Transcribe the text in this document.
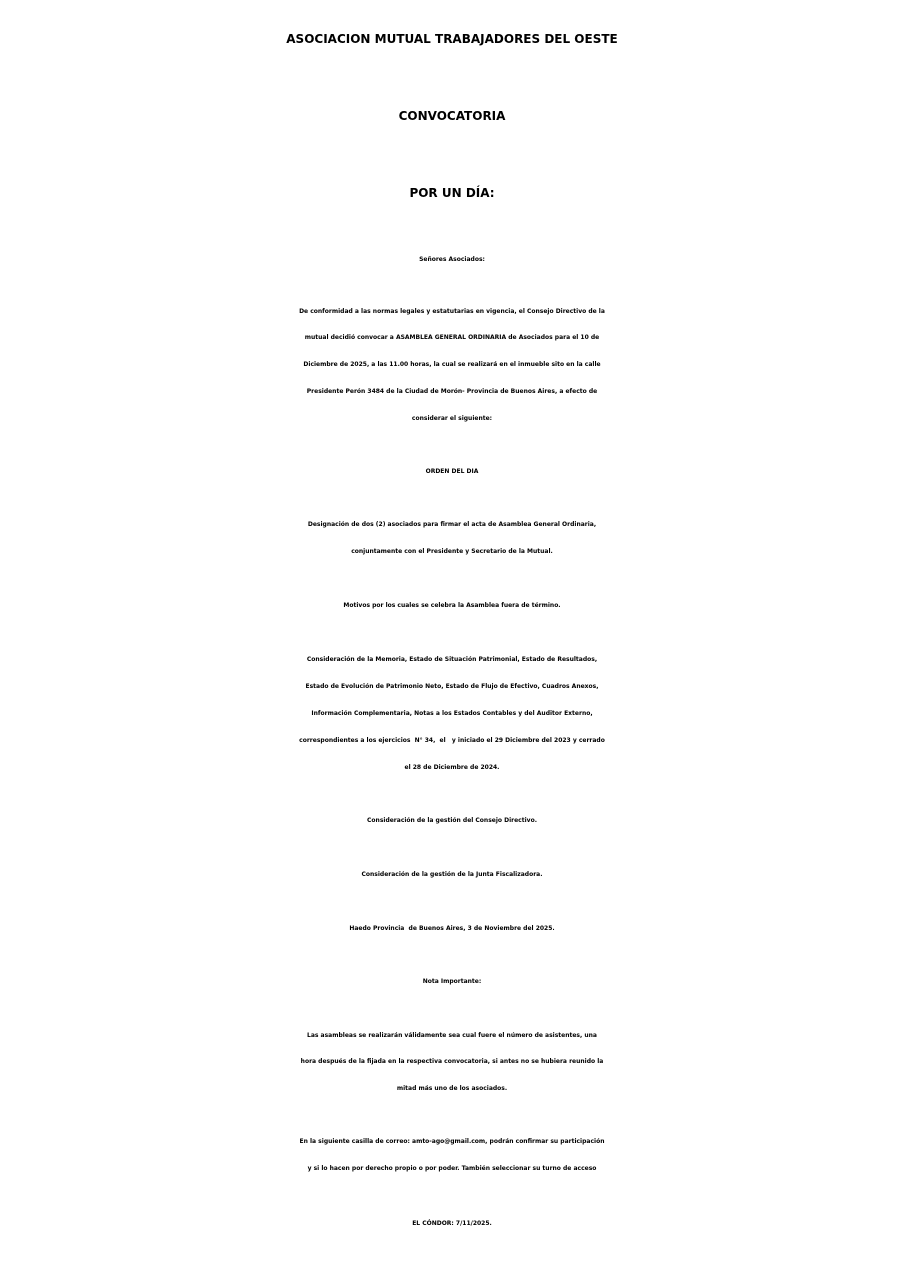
ASOCIACION MUTUAL TRABAJADORES DEL OESTE
CONVOCATORIA
POR UN DÍA:
Señores Asociados:
De conformidad a las normas legales y estatutarias en vigencia, el Consejo Directivo de la
mutual decidió convocar a ASAMBLEA GENERAL ORDINARIA de Asociados para el 10 de
Diciembre de 2025, a las 11.00 horas, la cual se realizará en el inmueble sito en la calle
Presidente Perón 3484 de la Ciudad de Morón- Provincia de Buenos Aires, a efecto de
considerar el siguiente:
ORDEN DEL DIA
Designación de dos (2) asociados para firmar el acta de Asamblea General Ordinaria,
conjuntamente con el Presidente y Secretario de la Mutual.
Motivos por los cuales se celebra la Asamblea fuera de término.
Consideración de la Memoria, Estado de Situación Patrimonial, Estado de Resultados,
Estado de Evolución de Patrimonio Neto, Estado de Flujo de Efectivo, Cuadros Anexos,
Información Complementaria, Notas a los Estados Contables y del Auditor Externo,
correspondientes a los ejercicios  N° 34,  el   y iniciado el 29 Diciembre del 2023 y cerrado
el 28 de Diciembre de 2024.
Consideración de la gestión del Consejo Directivo.
Consideración de la gestión de la Junta Fiscalizadora.
Haedo Provincia  de Buenos Aires, 3 de Noviembre del 2025.
Nota Importante:
Las asambleas se realizarán válidamente sea cual fuere el número de asistentes, una
hora después de la fijada en la respectiva convocatoria, si antes no se hubiera reunido la
mitad más uno de los asociados.
En la siguiente casilla de correo: amto-ago@gmail.com, podrán confirmar su participación
y si lo hacen por derecho propio o por poder. También seleccionar su turno de acceso
EL CÓNDOR: 7/11/2025.
